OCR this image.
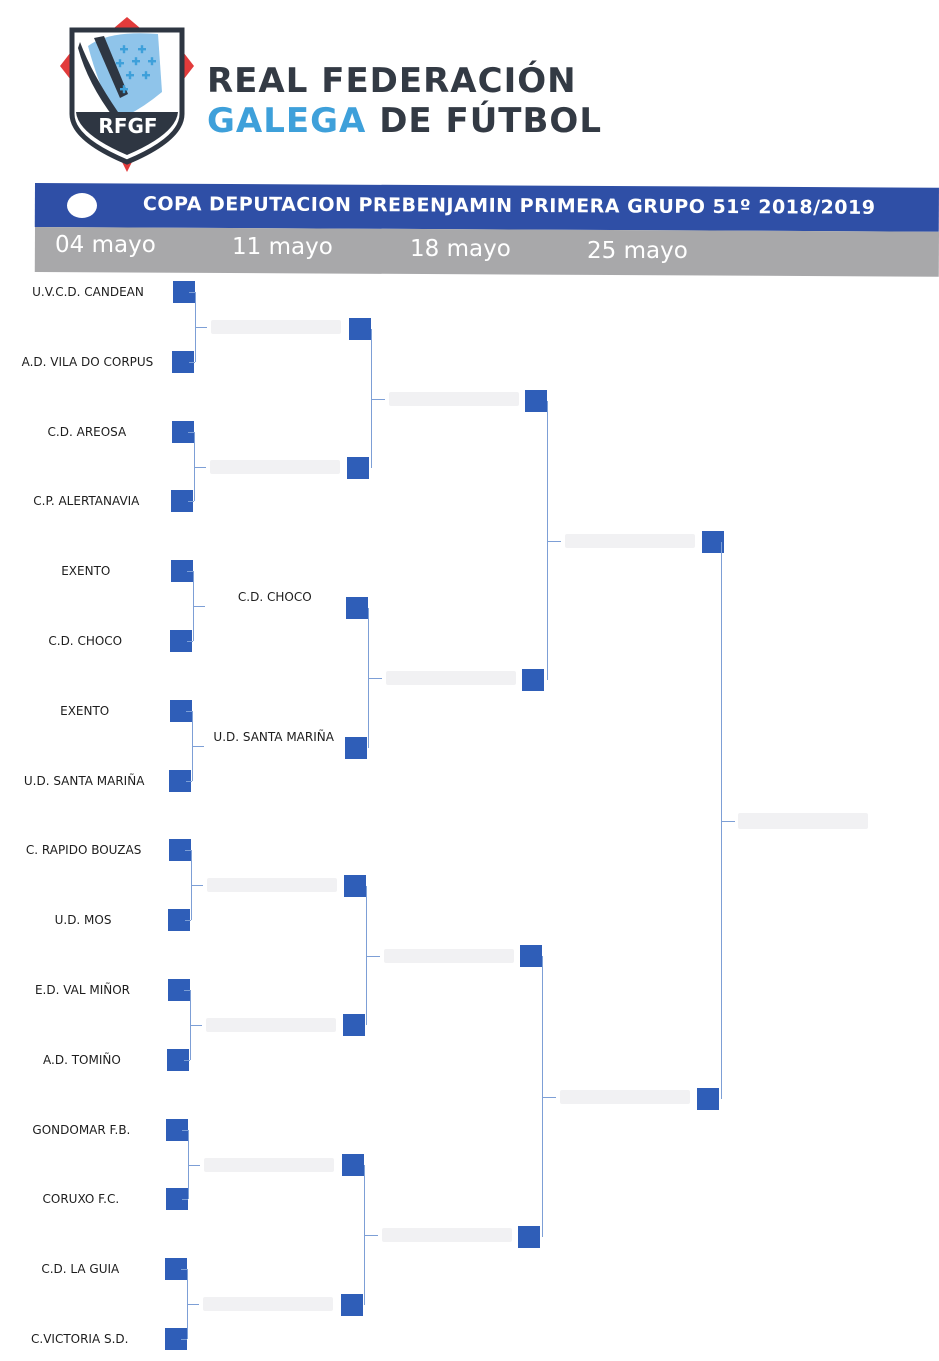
RFGF
REAL FEDERACIÓN
GALEGA DE FÚTBOL
COPA DEPUTACION PREBENJAMIN PRIMERA GRUPO 51º 2018/2019
04 mayo	11 mayo	18 mayo	25 mayo
U.V.C.D. CANDEAN
A.D. VILA DO CORPUS
C.D. AREOSA
C.P. ALERTANAVIA
EXENTO
C.D. CHOCO
EXENTO
U.D. SANTA MARIÑA
C. RAPIDO BOUZAS
U.D. MOS
E.D. VAL MIÑOR
A.D. TOMIÑO
GONDOMAR F.B.
CORUXO F.C.
C.D. LA GUIA
C.VICTORIA S.D.
C.D. CHOCO
U.D. SANTA MARIÑA
